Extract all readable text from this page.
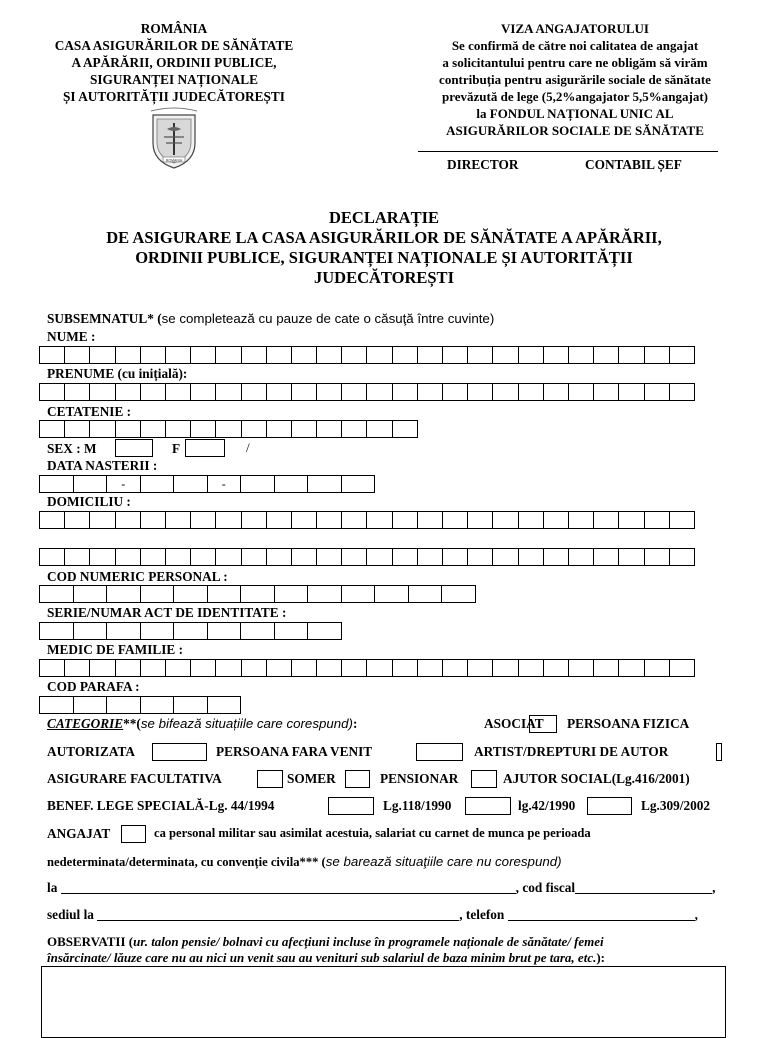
ROMÂNIA
CASA ASIGURĂRILOR DE SĂNĂTATE
A APĂRĂRII, ORDINII PUBLICE,
SIGURANȚEI NAȚIONALE
ȘI AUTORITĂȚII JUDECĂTOREȘTI
ROMANIA
VIZA ANGAJATORULUI
Se confirmă de către noi calitatea de angajat
a solicitantului pentru care ne obligăm să virăm
contribuția pentru asigurările sociale de sănătate
prevăzută de lege (5,2%angajator 5,5%angajat)
la FONDUL NAȚIONAL UNIC AL
ASIGURĂRILOR SOCIALE DE SĂNĂTATE
DIRECTOR	CONTABIL ȘEF
DECLARAȚIE
DE ASIGURARE LA CASA ASIGURĂRILOR DE SĂNĂTATE A APĂRĂRII,
ORDINII PUBLICE, SIGURANȚEI NAȚIONALE ȘI AUTORITĂȚII
JUDECĂTOREȘTI
SUBSEMNATUL* (se completează cu pauze de cate o căsuţă între cuvinte)
NUME :
PRENUME (cu inițială):
CETATENIE :
SEX : M	F	/
DATA NASTERII :
-	-
DOMICILIU :
COD NUMERIC PERSONAL :
SERIE/NUMAR ACT DE IDENTITATE :
MEDIC DE FAMILIE :
COD PARAFA :
CATEGORIE**(se bifează situațiile care corespund):	ASOCIAT PERSOANA FIZICA
AUTORIZATA	PERSOANA FARA VENIT	ARTIST/DREPTURI DE AUTOR
ASIGURARE FACULTATIVA	SOMER	PENSIONAR	AJUTOR SOCIAL(Lg.416/2001)
BENEF. LEGE SPECIALĂ-Lg. 44/1994	Lg.118/1990	lg.42/1990	Lg.309/2002
ANGAJAT	ca personal militar sau asimilat acestuia, salariat cu carnet de munca pe perioada
nedeterminata/determinata, cu convenție civila*** (se barează situaţiile care nu corespund)
la	, cod fiscal	,
sediul la	, telefon	,
OBSERVATII (ur. talon pensie/ bolnavi cu afecțiuni incluse în programele naționale de sănătate/ femei
însărcinate/ lăuze care nu au nici un venit sau au venituri sub salariul de baza minim brut pe tara, etc.):
